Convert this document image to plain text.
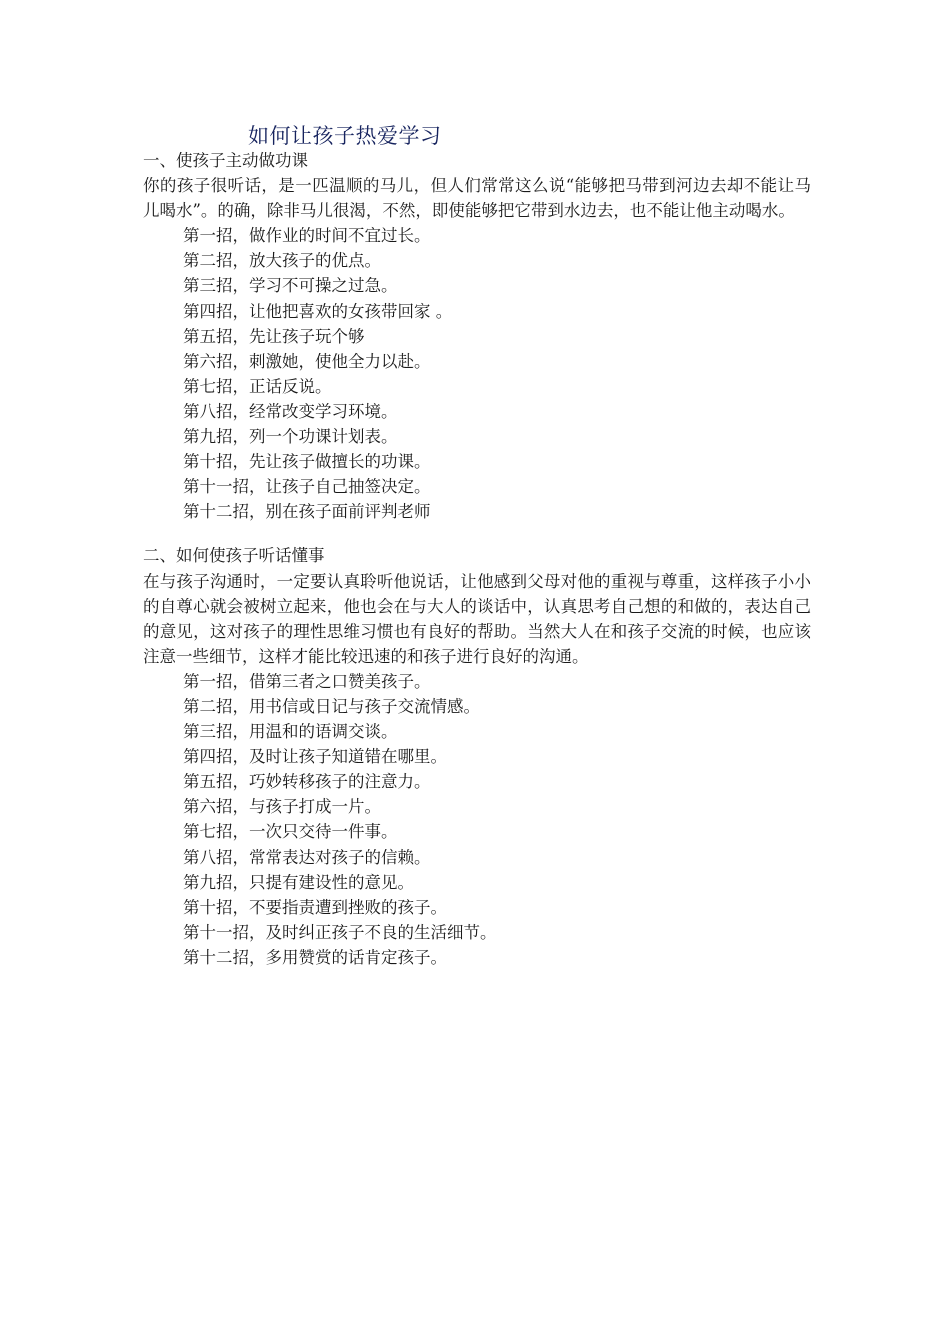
如何让孩子热爱学习

一、使孩子主动做功课

你的孩子很听话，是一匹温顺的马儿，但人们常常这么说“能够把马带到河边去却不能让马儿喝水”。的确，除非马儿很渴，不然，即使能够把它带到水边去，也不能让他主动喝水。

第一招，做作业的时间不宜过长。

第二招，放大孩子的优点。

第三招，学习不可操之过急。

第四招，让他把喜欢的女孩带回家 。

第五招，先让孩子玩个够

第六招，刺激她，使他全力以赴。

第七招，正话反说。

第八招，经常改变学习环境。

第九招，列一个功课计划表。

第十招，先让孩子做擅长的功课。

第十一招，让孩子自己抽签决定。

第十二招，别在孩子面前评判老师

二、如何使孩子听话懂事

在与孩子沟通时，一定要认真聆听他说话，让他感到父母对他的重视与尊重，这样孩子小小的自尊心就会被树立起来，他也会在与大人的谈话中，认真思考自己想的和做的，表达自己的意见，这对孩子的理性思维习惯也有良好的帮助。当然大人在和孩子交流的时候，也应该注意一些细节，这样才能比较迅速的和孩子进行良好的沟通。

第一招，借第三者之口赞美孩子。

第二招，用书信或日记与孩子交流情感。

第三招，用温和的语调交谈。

第四招，及时让孩子知道错在哪里。

第五招，巧妙转移孩子的注意力。

第六招，与孩子打成一片。

第七招，一次只交待一件事。

第八招，常常表达对孩子的信赖。

第九招，只提有建设性的意见。

第十招，不要指责遭到挫败的孩子。

第十一招，及时纠正孩子不良的生活细节。

第十二招，多用赞赏的话肯定孩子。
